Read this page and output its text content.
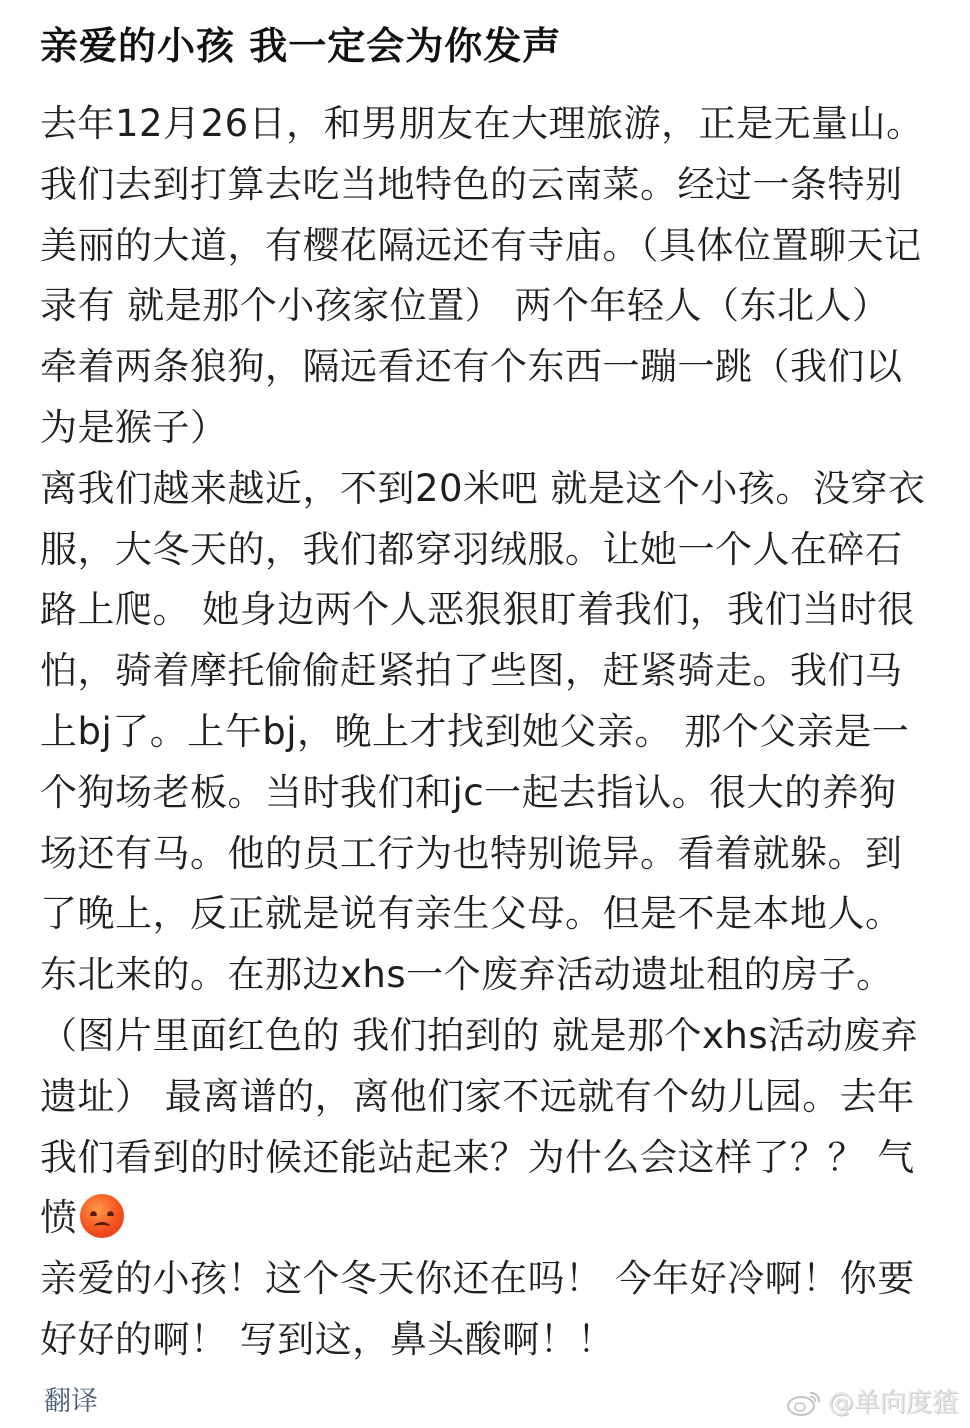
亲爱的小孩 我一定会为你发声

去年12月26日，和男朋友在大理旅游，正是无量山。我们去到打算去吃当地特色的云南菜。经过一条特别美丽的大道，有樱花隔远还有寺庙。（具体位置聊天记录有 就是那个小孩家位置） 两个年轻人（东北人）牵着两条狼狗，隔远看还有个东西一蹦一跳（我们以为是猴子）

离我们越来越近，不到20米吧 就是这个小孩。没穿衣服，大冬天的，我们都穿羽绒服。让她一个人在碎石路上爬。 她身边两个人恶狠狠盯着我们，我们当时很怕，骑着摩托偷偷赶紧拍了些图，赶紧骑走。我们马上bj了。上午bj，晚上才找到她父亲。 那个父亲是一个狗场老板。当时我们和jc一起去指认。很大的养狗场还有马。他的员工行为也特别诡异。看着就躲。到了晚上，反正就是说有亲生父母。但是不是本地人。东北来的。在那边xhs一个废弃活动遗址租的房子。（图片里面红色的 我们拍到的 就是那个xhs活动废弃遗址） 最离谱的，离他们家不远就有个幼儿园。去年我们看到的时候还能站起来？为什么会这样了？？ 气愤

亲爱的小孩！这个冬天你还在吗！ 今年好冷啊！你要好好的啊！ 写到这，鼻头酸啊！！

翻译	@单向度猹
